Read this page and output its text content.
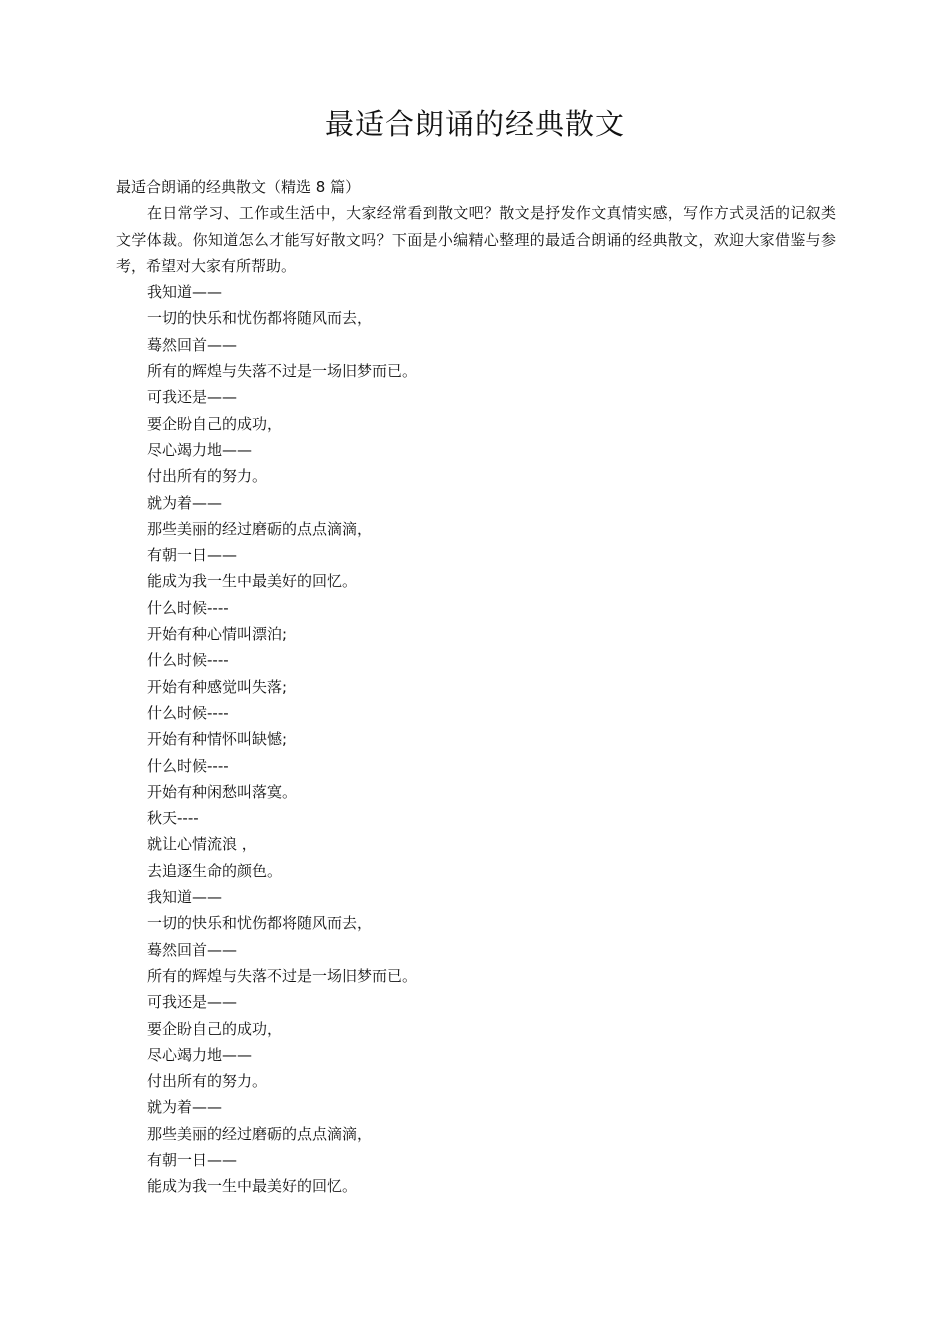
最适合朗诵的经典散文

最适合朗诵的经典散文（精选 8 篇）

在日常学习、工作或生活中，大家经常看到散文吧？散文是抒发作文真情实感，写作方式灵活的记叙类文学体裁。你知道怎么才能写好散文吗？下面是小编精心整理的最适合朗诵的经典散文，欢迎大家借鉴与参考，希望对大家有所帮助。

我知道——
一切的快乐和忧伤都将随风而去，
蓦然回首——
所有的辉煌与失落不过是一场旧梦而已。
可我还是——
要企盼自己的成功，
尽心竭力地——
付出所有的努力。
就为着——
那些美丽的经过磨砺的点点滴滴，
有朝一日——
能成为我一生中最美好的回忆。
什么时候----
开始有种心情叫漂泊;
什么时候----
开始有种感觉叫失落;
什么时候----
开始有种情怀叫缺憾;
什么时候----
开始有种闲愁叫落寞。
秋天----
就让心情流浪 ，
去追逐生命的颜色。
我知道——
一切的快乐和忧伤都将随风而去，
蓦然回首——
所有的辉煌与失落不过是一场旧梦而已。
可我还是——
要企盼自己的成功，
尽心竭力地——
付出所有的努力。
就为着——
那些美丽的经过磨砺的点点滴滴，
有朝一日——
能成为我一生中最美好的回忆。
